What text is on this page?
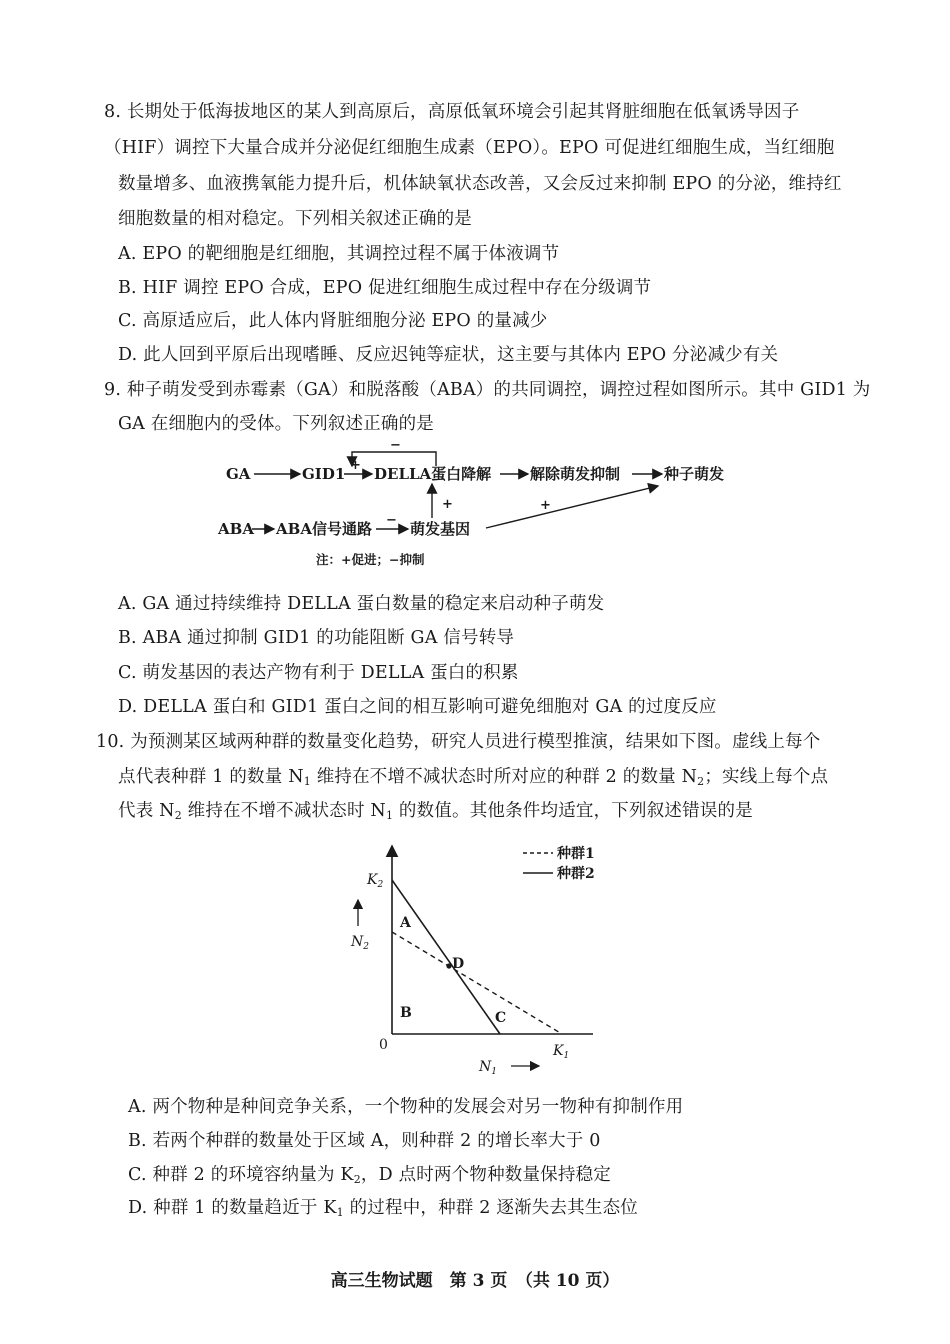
8. 长期处于低海拔地区的某人到高原后，高原低氧环境会引起其肾脏细胞在低氧诱导因子
（HIF）调控下大量合成并分泌促红细胞生成素（EPO）。EPO 可促进红细胞生成，当红细胞
数量增多、血液携氧能力提升后，机体缺氧状态改善，又会反过来抑制 EPO 的分泌，维持红
细胞数量的相对稳定。下列相关叙述正确的是
A. EPO 的靶细胞是红细胞，其调控过程不属于体液调节
B. HIF 调控 EPO 合成，EPO 促进红细胞生成过程中存在分级调节
C. 高原适应后，此人体内肾脏细胞分泌 EPO 的量减少
D. 此人回到平原后出现嗜睡、反应迟钝等症状，这主要与其体内 EPO 分泌减少有关
9. 种子萌发受到赤霉素（GA）和脱落酸（ABA）的共同调控，调控过程如图所示。其中 GID1 为
GA 在细胞内的受体。下列叙述正确的是
GA	GID1 + DELLA蛋白降解	解除萌发抑制	种子萌发
−
ABA ABA信号通路 − 萌发基因
+	+
注：+促进；−抑制
A. GA 通过持续维持 DELLA 蛋白数量的稳定来启动种子萌发
B. ABA 通过抑制 GID1 的功能阻断 GA 信号转导
C. 萌发基因的表达产物有利于 DELLA 蛋白的积累
D. DELLA 蛋白和 GID1 蛋白之间的相互影响可避免细胞对 GA 的过度反应
10. 为预测某区域两种群的数量变化趋势，研究人员进行模型推演，结果如下图。虚线上每个
点代表种群 1 的数量 $N_1$ 维持在不增不减状态时所对应的种群 2 的数量 $N_2$；实线上每个点
代表 $N_2$ 维持在不增不减状态时 $N_1$ 的数值。其他条件均适宜，下列叙述错误的是
种群1
种群2
$K_2$
$N_2$
0	$K_1$
$N_1$
A
B	C
D
A. 两个物种是种间竞争关系，一个物种的发展会对另一物种有抑制作用
B. 若两个种群的数量处于区域 A，则种群 2 的增长率大于 0
C. 种群 2 的环境容纳量为 $K_2$，D 点时两个物种数量保持稳定
D. 种群 1 的数量趋近于 $K_1$ 的过程中，种群 2 逐渐失去其生态位
高三生物试题　第 3 页　（共 10 页）
